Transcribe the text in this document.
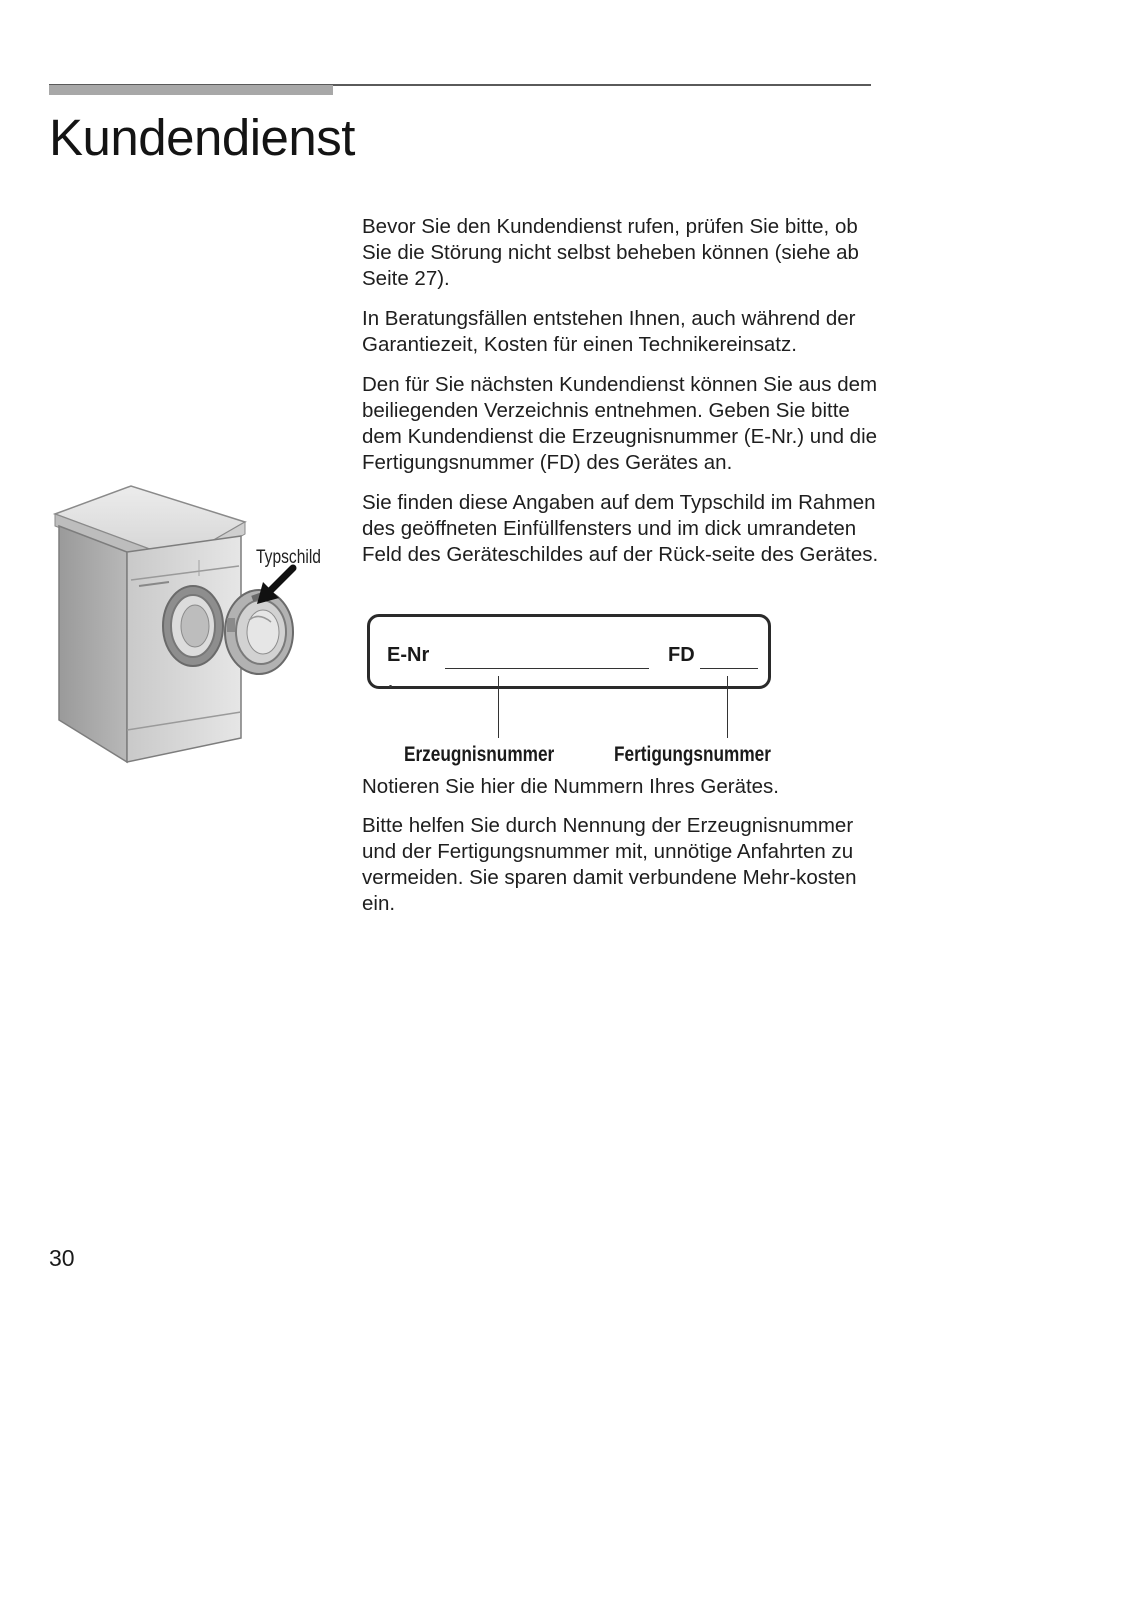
Kundendienst

Bevor Sie den Kundendienst rufen, prüfen Sie bitte, ob Sie die Störung nicht selbst beheben können (siehe ab Seite 27).

In Beratungsfällen entstehen Ihnen, auch während der Garantiezeit, Kosten für einen Technikereinsatz.

Den für Sie nächsten Kundendienst können Sie aus dem beiliegenden Verzeichnis entnehmen. Geben Sie bitte dem Kundendienst die Erzeugnisnummer (E-Nr.) und die Fertigungsnummer (FD) des Gerätes an.

Sie finden diese Angaben auf dem Typschild im Rahmen des geöffneten Einfüllfensters und im dick umrandeten Feld des Geräteschildes auf der Rück-seite des Gerätes.

Typschild
E-Nr	FD
Erzeugnisnummer	Fertigungsnummer

Notieren Sie hier die Nummern Ihres Gerätes.

Bitte helfen Sie durch Nennung der Erzeugnisnummer und der Fertigungsnummer mit, unnötige Anfahrten zu vermeiden. Sie sparen damit verbundene Mehr-kosten ein.

30
